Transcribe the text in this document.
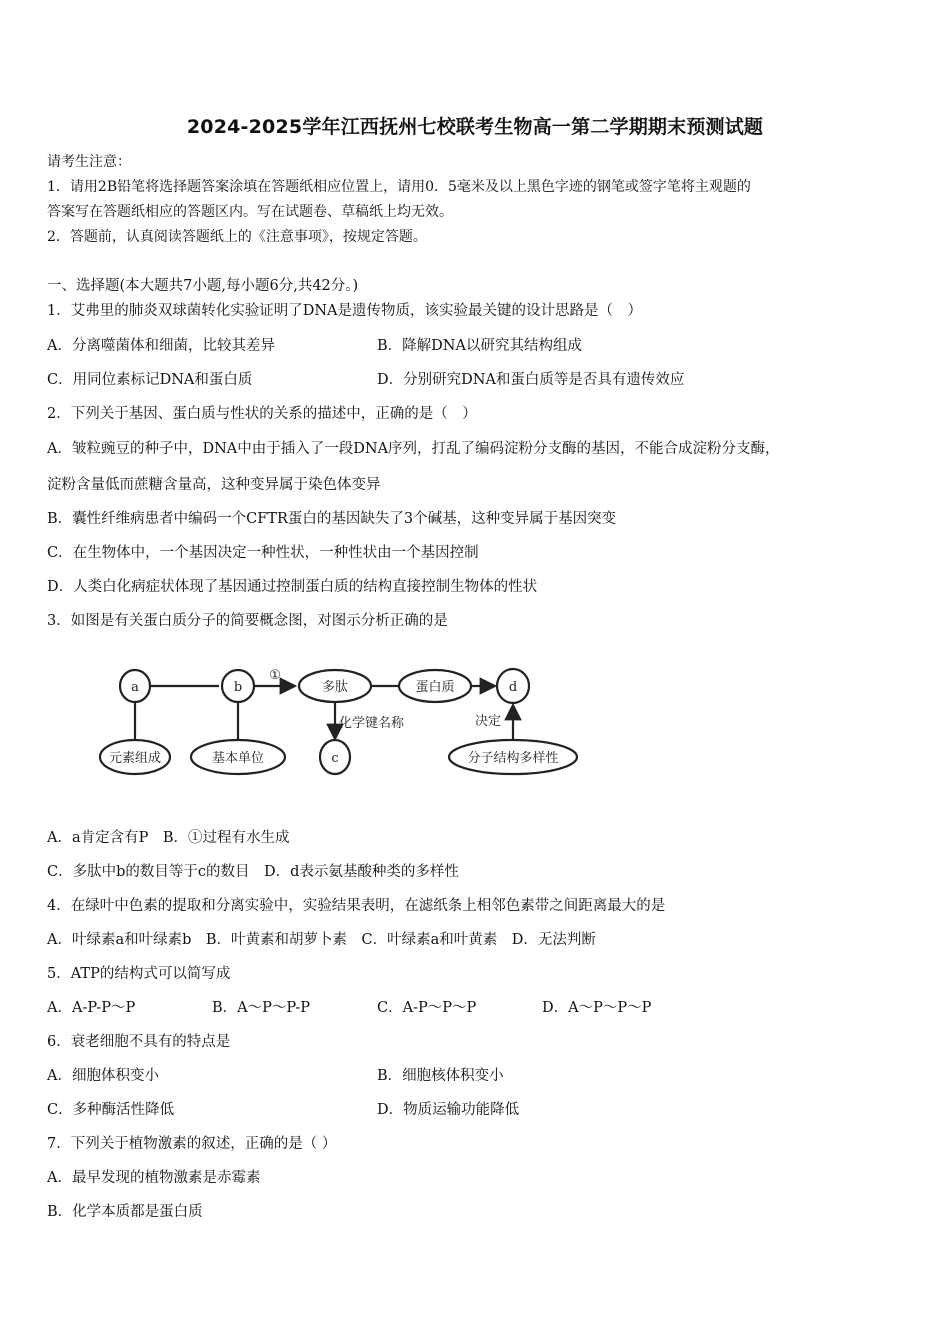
2024-2025学年江西抚州七校联考生物高一第二学期期末预测试题
请考生注意：
1．请用2B铅笔将选择题答案涂填在答题纸相应位置上，请用0．5毫米及以上黑色字迹的钢笔或签字笔将主观题的
答案写在答题纸相应的答题区内。写在试题卷、草稿纸上均无效。
2．答题前，认真阅读答题纸上的《注意事项》，按规定答题。
一、选择题(本大题共7小题,每小题6分,共42分。)
1．艾弗里的肺炎双球菌转化实验证明了DNA是遗传物质，该实验最关键的设计思路是（　）
A．分离噬菌体和细菌，比较其差异	B．降解DNA以研究其结构组成
C．用同位素标记DNA和蛋白质	D．分别研究DNA和蛋白质等是否具有遗传效应
2．下列关于基因、蛋白质与性状的关系的描述中，正确的是（　）
A．皱粒豌豆的种子中，DNA中由于插入了一段DNA序列，打乱了编码淀粉分支酶的基因，不能合成淀粉分支酶，
淀粉含量低而蔗糖含量高，这种变异属于染色体变异
B．囊性纤维病患者中编码一个CFTR蛋白的基因缺失了3个碱基，这种变异属于基因突变
C．在生物体中，一个基因决定一种性状，一种性状由一个基因控制
D．人类白化病症状体现了基因通过控制蛋白质的结构直接控制生物体的性状
3．如图是有关蛋白质分子的简要概念图，对图示分析正确的是
a	b
①
多肽	蛋白质	d
元素组成	基本单位
化学键名称
c
决定
分子结构多样性
A．a肯定含有P　B．①过程有水生成
C．多肽中b的数目等于c的数目　D．d表示氨基酸种类的多样性
4．在绿叶中色素的提取和分离实验中，实验结果表明，在滤纸条上相邻色素带之间距离最大的是
A．叶绿素a和叶绿素b　B．叶黄素和胡萝卜素　C．叶绿素a和叶黄素　D．无法判断
5．ATP的结构式可以简写成
A．A-P-P～P	B．A～P～P-P	C．A-P～P～P	D．A～P～P～P
6．衰老细胞不具有的特点是
A．细胞体积变小	B．细胞核体积变小
C．多种酶活性降低	D．物质运输功能降低
7．下列关于植物激素的叙述，正确的是（ ）
A．最早发现的植物激素是赤霉素
B．化学本质都是蛋白质
